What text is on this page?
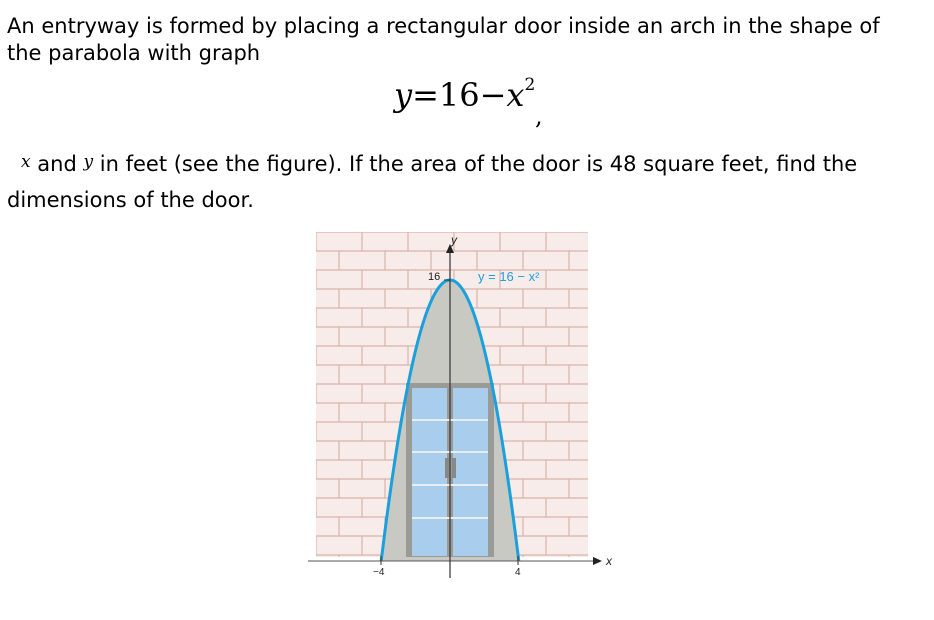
An entryway is formed by placing a rectangular door inside an arch in the shape of
the parabola with graph
$y=16-x^2$
,
x and y in feet (see the figure). If the area of the door is 48 square feet, find the
dimensions of the door.
y
x
16	y = 16 − x²
−4	4
